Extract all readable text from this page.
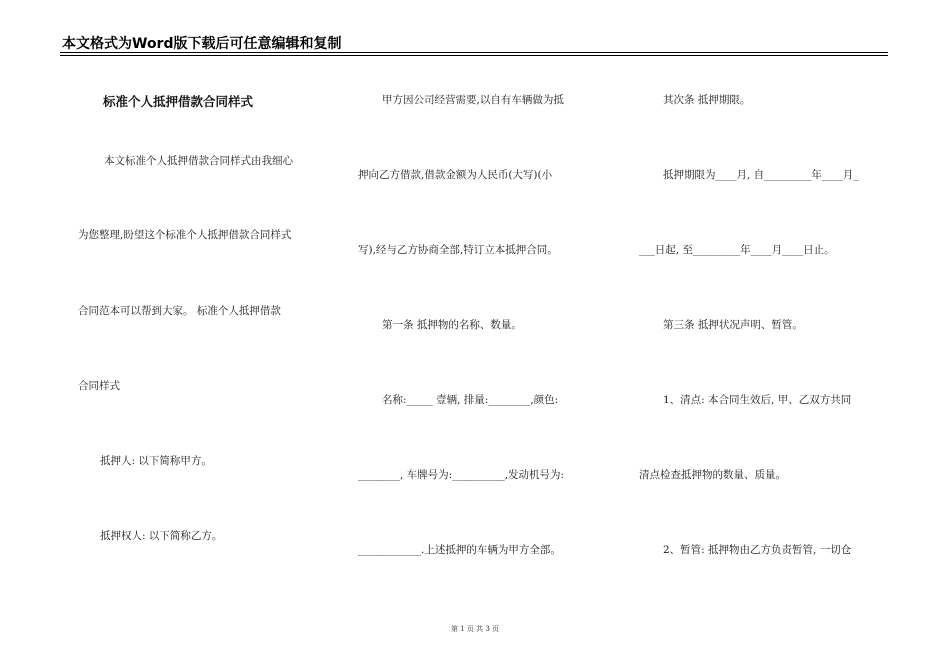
本文格式为Word版下载后可任意编辑和复制
标准个人抵押借款合同样式
本文标准个人抵押借款合同样式由我细心
为您整理,盼望这个标准个人抵押借款合同样式
合同范本可以帮到大家。 标准个人抵押借款
合同样式
抵押人: 以下简称甲方。
抵押权人: 以下简称乙方。
甲方因公司经营需要,以自有车辆做为抵
押向乙方借款,借款金额为人民币(大写)(小
写),经与乙方协商全部,特订立本抵押合同。
第一条 抵押物的名称、数量。
名称:_____ 壹辆, 排量:________,颜色:
________, 车牌号为:__________,发动机号为:
____________.上述抵押的车辆为甲方全部。
其次条 抵押期限。
抵押期限为____月, 自_________年____月_
___日起, 至_________年____月____日止。
第三条 抵押状况声明、暂管。
1、清点: 本合同生效后, 甲、乙双方共同
清点检查抵押物的数量、质量。
2、暂管: 抵押物由乙方负责暂管, 一切仓
第 1 页 共 3 页
